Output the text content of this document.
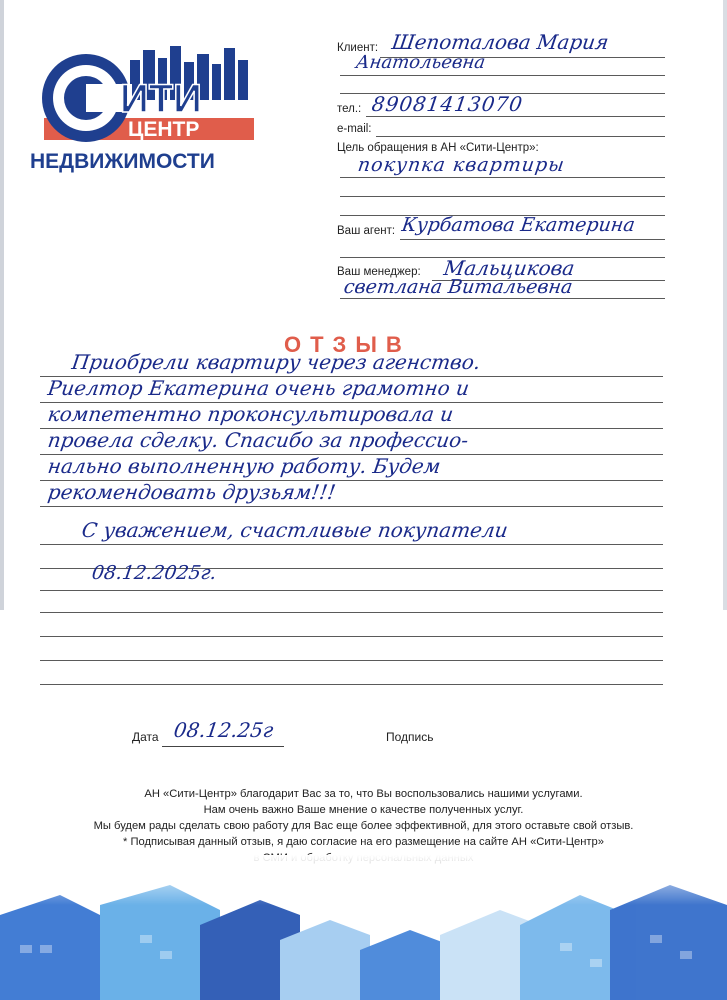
ИТИ
ЦЕНТР
НЕДВИЖИМОСТИ
Клиент: Шепоталова Мария
Анатольевна
тел.: 89081413070
e-mail:
Цель обращения в АН «Сити-Центр»:
покупка квартиры
Ваш агент: Курбатова Екатерина
Ваш менеджер: Мальцикова
светлана Витальевна
ОТЗЫВ
Приобрели квартиру через агенство.
Риелтор Екатерина очень грамотно и
компетентно проконсультировала и
провела сделку. Спасибо за профессио-
нально выполненную работу. Будем
рекомендовать друзьям!!!
С уважением, счастливые покупатели
08.12.2025г.
Дата 08.12.25г	Подпись
АН «Сити-Центр» благодарит Вас за то, что Вы воспользовались нашими услугами.
Нам очень важно Ваше мнение о качестве полученных услуг.
Мы будем рады сделать свою работу для Вас еще более эффективной, для этого оставьте свой отзыв.
* Подписывая данный отзыв, я даю согласие на его размещение на сайте АН «Сити-Центр»
